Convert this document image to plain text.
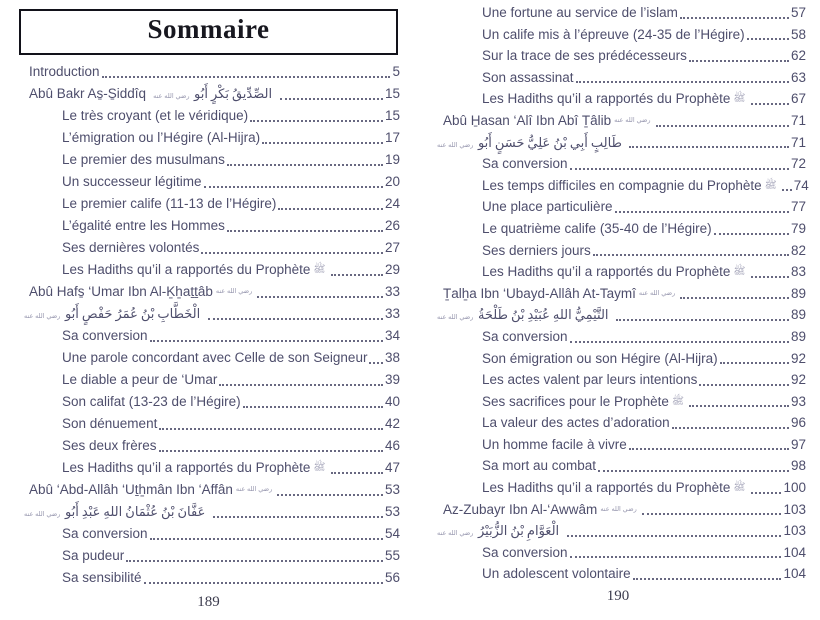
Sommaire
Introduction	5
Abû Bakr As̱-S̱iddîq	رضي الله عنه أَبُو بَكْرٍ الصِّدِّيقُ	15
Le très croyant (et le véridique)	15
L’émigration ou l’Hégire (Al-Hijra)	17
Le premier des musulmans	19
Un successeur légitime	20
Le premier calife (11-13 de l’Hégire)	24
L’égalité entre les Hommes	26
Ses dernières volontés	27
Les Hadiths qu’il a rapportés du Prophète ﷺ	29
Abû Hafs̱ ‘Umar Ibn Al-Ḵẖaṯṯâb رضي الله عنه	33
رضي الله عنه أَبُو حَفْصٍ عُمَرُ بْنُ الْخَطَّابِ	33
Sa conversion	34
Une parole concordant avec Celle de son Seigneur 38
Le diable a peur de ‘Umar	39
Son califat (13-23 de l’Hégire)	40
Son dénuement	42
Ses deux frères	46
Les Hadiths qu’il a rapportés du Prophète ﷺ	47
Abû ‘Abd-Allâh ‘Uṯẖmân Ibn ‘Affân رضي الله عنه	53
رضي الله عنه أَبُو عَبْدِ اللهِ عُثْمَانُ بْنُ عَفَّانَ	53
Sa conversion	54
Sa pudeur	55
Sa sensibilité	56
189
Une fortune au service de l’islam	57
Un calife mis à l’épreuve (24-35 de l’Hégire)	58
Sur la trace de ses prédécesseurs	62
Son assassinat	63
Les Hadiths qu’il a rapportés du Prophète ﷺ	67
Abû H̱asan ‘Alî Ibn Abî Ṯâlib رضي الله عنه	71
رضي الله عنه أَبُو حَسَنٍ عَلِيُّ بْنُ أَبِي طَالِبٍ	71
Sa conversion	72
Les temps difficiles en compagnie du Prophète ﷺ 74
Une place particulière	77
Le quatrième calife (35-40 de l’Hégire)	79
Ses derniers jours	82
Les Hadiths qu’il a rapportés du Prophète ﷺ	83
Ṯalẖa Ibn ‘Ubayd-Allâh At-Taymî رضي الله عنه	89
رضي الله عنه طَلْحَةُ بْنُ عُبَيْدِ اللهِ التَّيْمِيُّ	89
Sa conversion	89
Son émigration ou son Hégire (Al-Hijra)	92
Les actes valent par leurs intentions	92
Ses sacrifices pour le Prophète ﷺ	93
La valeur des actes d’adoration	96
Un homme facile à vivre	97
Sa mort au combat	98
Les Hadiths qu’il a rapportés du Prophète ﷺ	100
Az-Zubayr Ibn Al-‘Awwâm رضي الله عنه	103
رضي الله عنه الزُّبَيْرُ بْنُ الْعَوَّامِ	103
Sa conversion	104
Un adolescent volontaire	104
190
